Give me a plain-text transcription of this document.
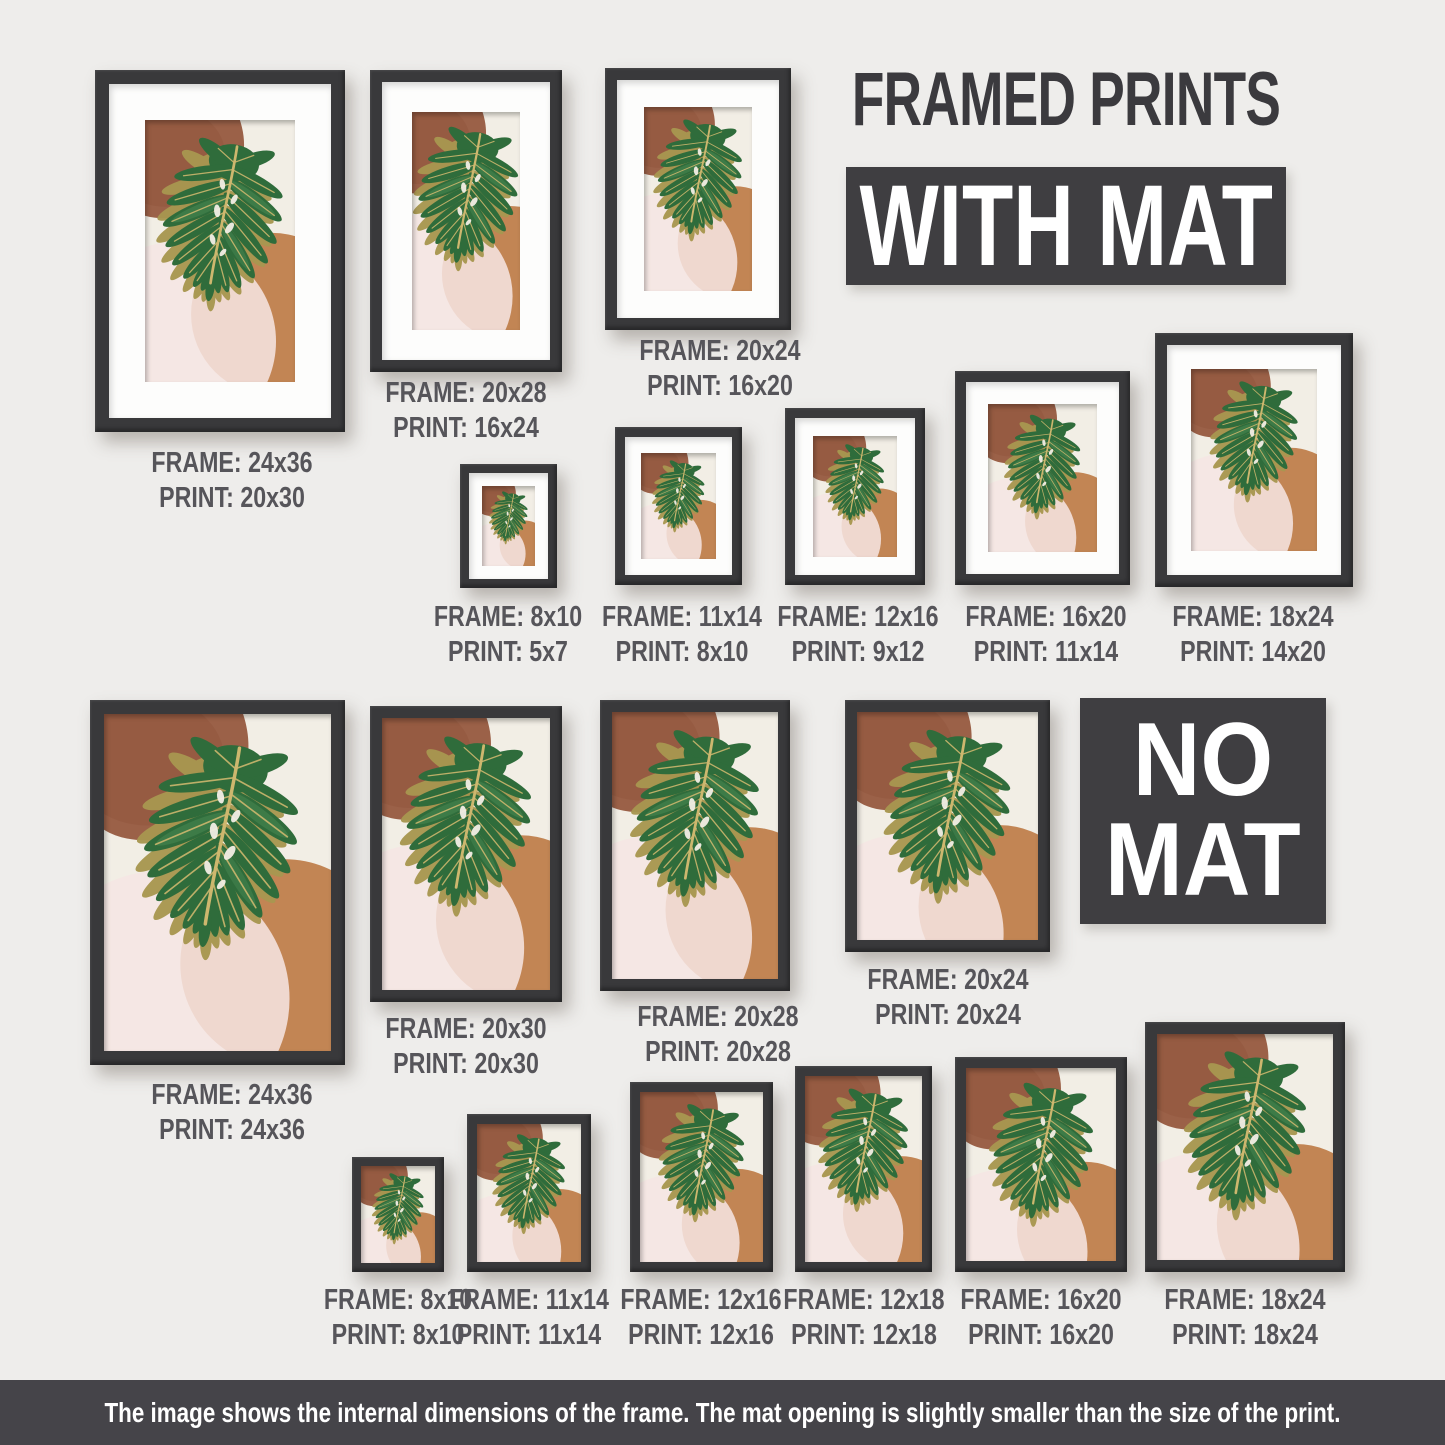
FRAMED PRINTS
WITH MAT
FRAME: 24x36
PRINT: 20x30
FRAME: 20x28
PRINT: 16x24
FRAME: 20x24
PRINT: 16x20
FRAME: 8x10
PRINT: 5x7
FRAME: 11x14
PRINT: 8x10
FRAME: 12x16
PRINT: 9x12
FRAME: 16x20
PRINT: 11x14
FRAME: 18x24
PRINT: 14x20
NO
MAT
FRAME: 24x36
PRINT: 24x36
FRAME: 20x30
PRINT: 20x30
FRAME: 20x28
PRINT: 20x28
FRAME: 20x24
PRINT: 20x24
FRAME: 8x10
PRINT: 8x10
FRAME: 11x14
PRINT: 11x14
FRAME: 12x16
PRINT: 12x16
FRAME: 12x18
PRINT: 12x18
FRAME: 16x20
PRINT: 16x20
FRAME: 18x24
PRINT: 18x24
The image shows the internal dimensions of the frame. The mat opening is slightly smaller than the size of the print.
